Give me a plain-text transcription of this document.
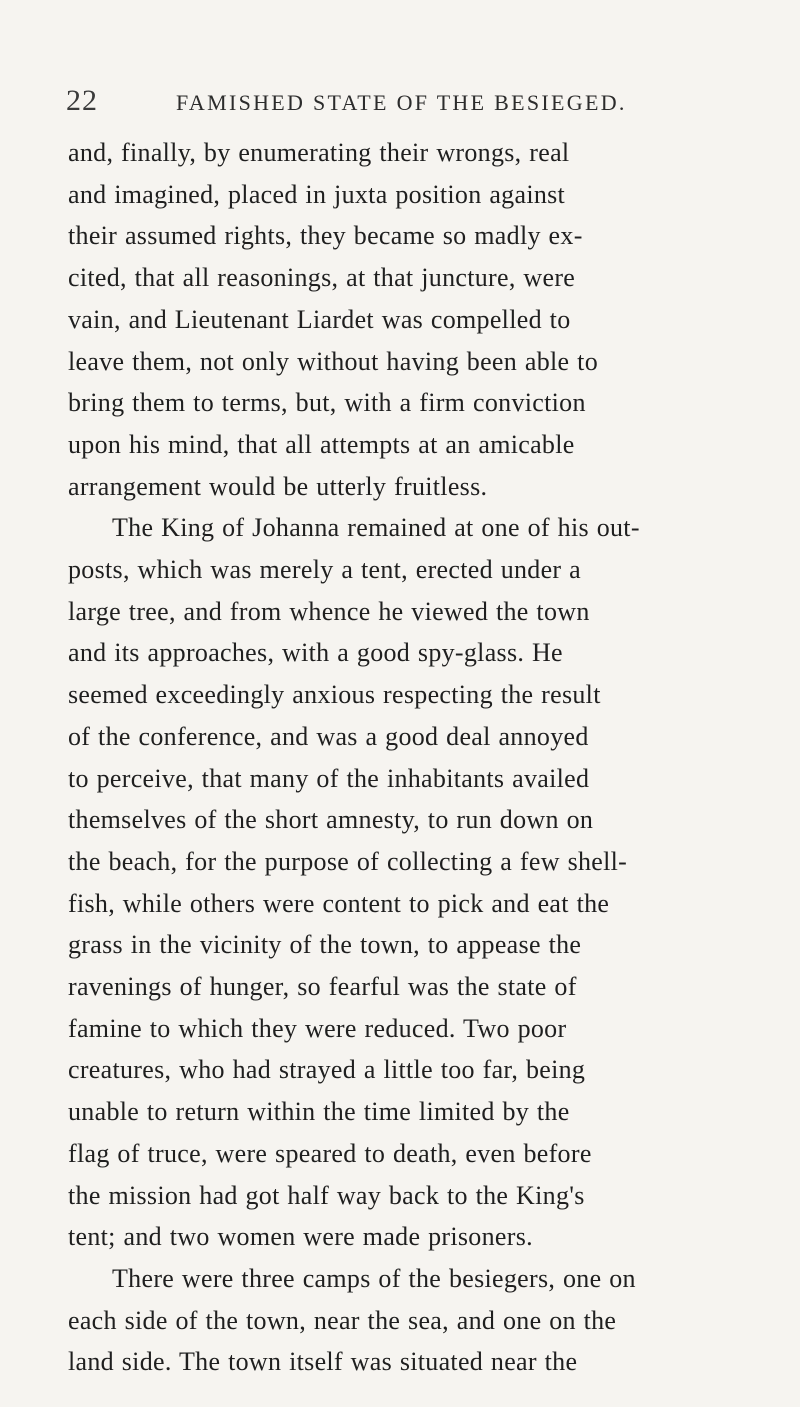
22	FAMISHED STATE OF THE BESIEGED.
and, finally, by enumerating their wrongs, real
and imagined, placed in juxta position against
their assumed rights, they became so madly ex-
cited, that all reasonings, at that juncture, were
vain, and Lieutenant Liardet was compelled to
leave them, not only without having been able to
bring them to terms, but, with a firm conviction
upon his mind, that all attempts at an amicable
arrangement would be utterly fruitless.
The King of Johanna remained at one of his out-
posts, which was merely a tent, erected under a
large tree, and from whence he viewed the town
and its approaches, with a good spy-glass. He
seemed exceedingly anxious respecting the result
of the conference, and was a good deal annoyed
to perceive, that many of the inhabitants availed
themselves of the short amnesty, to run down on
the beach, for the purpose of collecting a few shell-
fish, while others were content to pick and eat the
grass in the vicinity of the town, to appease the
ravenings of hunger, so fearful was the state of
famine to which they were reduced. Two poor
creatures, who had strayed a little too far, being
unable to return within the time limited by the
flag of truce, were speared to death, even before
the mission had got half way back to the King's
tent; and two women were made prisoners.
There were three camps of the besiegers, one on
each side of the town, near the sea, and one on the
land side. The town itself was situated near the
